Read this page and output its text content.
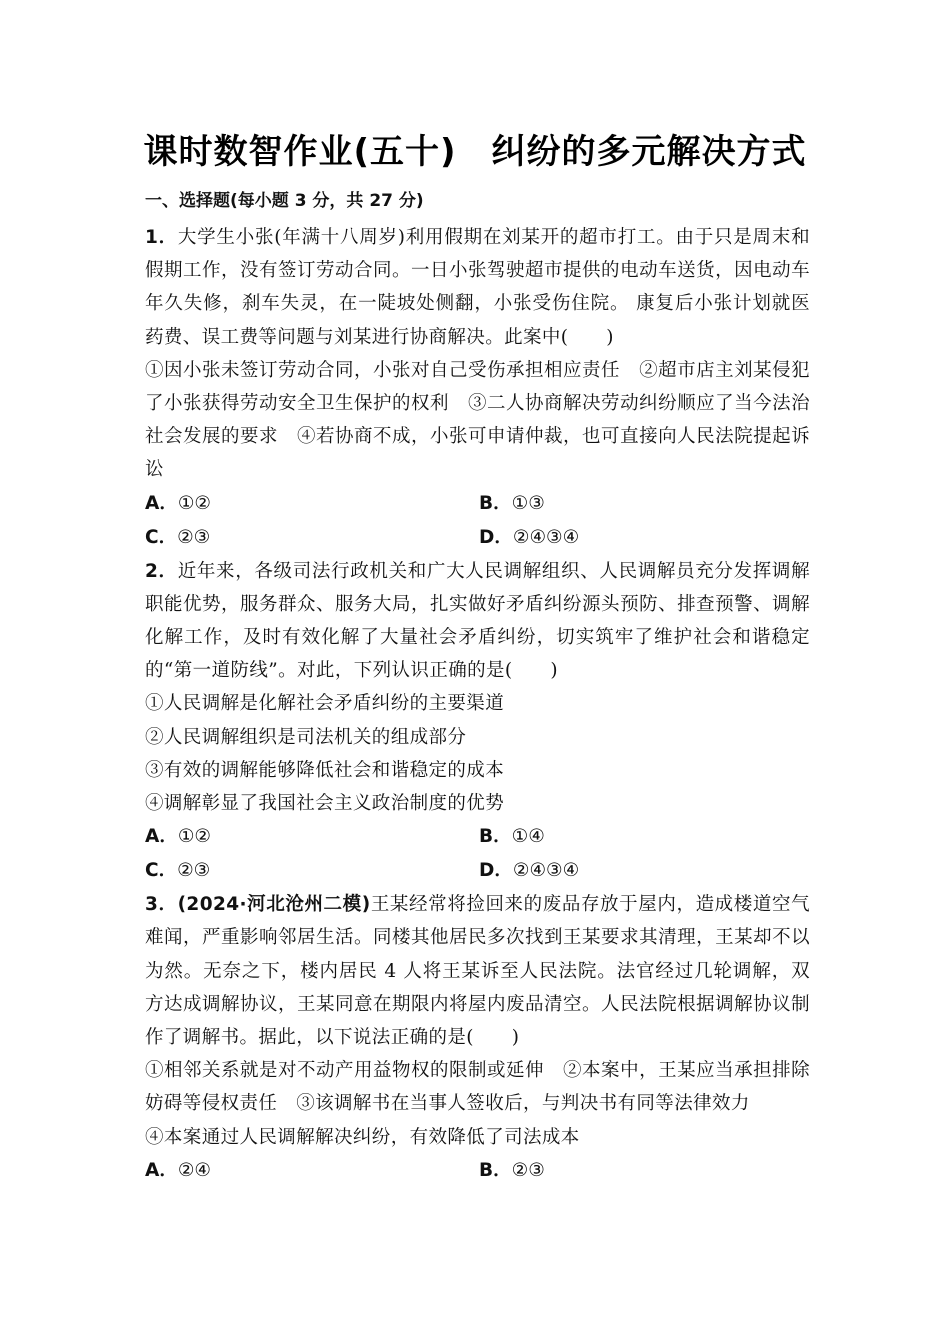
课时数智作业(五十)　纠纷的多元解决方式
一、选择题(每小题 3 分，共 27 分)
1．大学生小张(年满十八周岁)利用假期在刘某开的超市打工。由于只是周末和假期工作，没有签订劳动合同。一日小张驾驶超市提供的电动车送货，因电动车年久失修，刹车失灵，在一陡坡处侧翻，小张受伤住院。 康复后小张计划就医药费、误工费等问题与刘某进行协商解决。此案中(　　)
①因小张未签订劳动合同，小张对自己受伤承担相应责任　②超市店主刘某侵犯了小张获得劳动安全卫生保护的权利　③二人协商解决劳动纠纷顺应了当今法治社会发展的要求　④若协商不成，小张可申请仲裁，也可直接向人民法院提起诉讼
A．①②	B．①③
C．②③	D．②④③④
2．近年来，各级司法行政机关和广大人民调解组织、人民调解员充分发挥调解职能优势，服务群众、服务大局，扎实做好矛盾纠纷源头预防、排查预警、调解化解工作，及时有效化解了大量社会矛盾纠纷，切实筑牢了维护社会和谐稳定的“第一道防线”。对此，下列认识正确的是(　　)
①人民调解是化解社会矛盾纠纷的主要渠道
②人民调解组织是司法机关的组成部分
③有效的调解能够降低社会和谐稳定的成本
④调解彰显了我国社会主义政治制度的优势
A．①②	B．①④
C．②③	D．②④③④
3．(2024·河北沧州二模)王某经常将捡回来的废品存放于屋内，造成楼道空气难闻，严重影响邻居生活。同楼其他居民多次找到王某要求其清理，王某却不以为然。无奈之下，楼内居民 4 人将王某诉至人民法院。法官经过几轮调解，双方达成调解协议，王某同意在期限内将屋内废品清空。人民法院根据调解协议制作了调解书。据此，以下说法正确的是(　　)
①相邻关系就是对不动产用益物权的限制或延伸　②本案中，王某应当承担排除妨碍等侵权责任　③该调解书在当事人签收后，与判决书有同等法律效力
④本案通过人民调解解决纠纷，有效降低了司法成本
A．②④	B．②③
